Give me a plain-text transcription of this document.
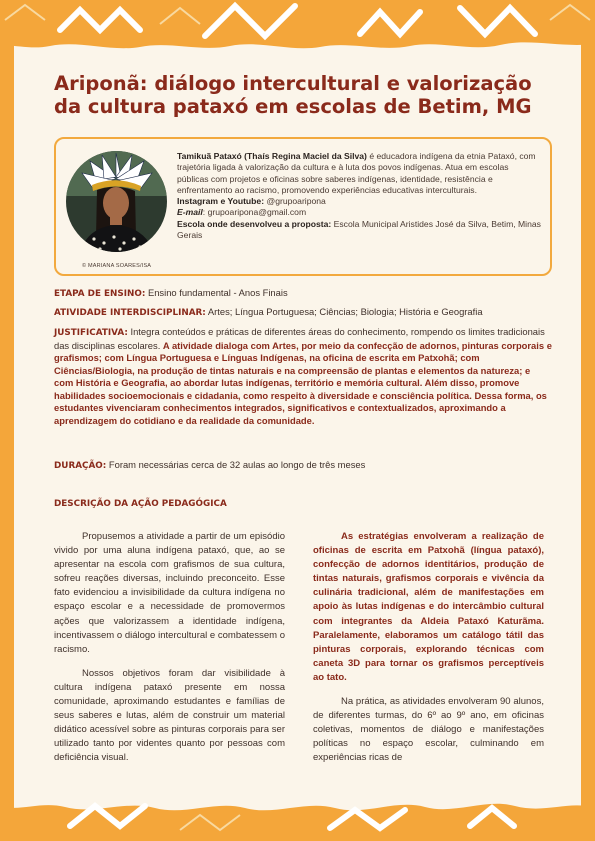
Ariponã: diálogo intercultural e valorização da cultura pataxó em escolas de Betim, MG
© MARIANA SOARES/ISA

Tamikuã Pataxó (Thaís Regina Maciel da Silva) é educadora indígena da etnia Pataxó, com trajetória ligada à valorização da cultura e à luta dos povos indígenas. Atua em escolas públicas com projetos e oficinas sobre saberes indígenas, identidade, resistência e enfrentamento ao racismo, promovendo experiências educativas interculturais.

Instagram e Youtube: @grupoaripona

E-mail: grupoaripona@gmail.com

Escola onde desenvolveu a proposta: Escola Municipal Aristides José da Silva, Betim, Minas Gerais

ETAPA DE ENSINO: Ensino fundamental - Anos Finais
ATIVIDADE INTERDISCIPLINAR: Artes; Língua Portuguesa; Ciências; Biologia; História e Geografia
JUSTIFICATIVA: Integra conteúdos e práticas de diferentes áreas do conhecimento, rompendo os limites tradicionais das disciplinas escolares. A atividade dialoga com Artes, por meio da confecção de adornos, pinturas corporais e grafismos; com Língua Portuguesa e Línguas Indígenas, na oficina de escrita em Patxohã; com Ciências/Biologia, na produção de tintas naturais e na compreensão de plantas e elementos da natureza; e com História e Geografia, ao abordar lutas indígenas, território e memória cultural. Além disso, promove habilidades socioemocionais e cidadania, como respeito à diversidade e consciência política. Dessa forma, os estudantes vivenciaram conhecimentos integrados, significativos e contextualizados, aproximando a aprendizagem do cotidiano e da realidade da comunidade.
DURAÇÃO: Foram necessárias cerca de 32 aulas ao longo de três meses
DESCRIÇÃO DA AÇÃO PEDAGÓGICA

Propusemos a atividade a partir de um episódio vivido por uma aluna indígena pataxó, que, ao se apresentar na escola com grafismos de sua cultura, sofreu reações diversas, incluindo preconceito. Esse fato evidenciou a invisibilidade da cultura indígena no espaço escolar e a necessidade de promovermos ações que valorizassem a identidade indígena, incentivassem o diálogo intercultural e combatessem o racismo.

Nossos objetivos foram dar visibilidade à cultura indígena pataxó presente em nossa comunidade, aproximando estudantes e famílias de seus saberes e lutas, além de construir um material didático acessível sobre as pinturas corporais para ser utilizado tanto por videntes quanto por pessoas com deficiência visual.

As estratégias envolveram a realização de oficinas de escrita em Patxohã (língua pataxó), confecção de adornos identitários, produção de tintas naturais, grafismos corporais e vivência da culinária tradicional, além de manifestações em apoio às lutas indígenas e do intercâmbio cultural com integrantes da Aldeia Pataxó Katurãma. Paralelamente, elaboramos um catálogo tátil das pinturas corporais, explorando técnicas com caneta 3D para tornar os grafismos perceptíveis ao tato.

Na prática, as atividades envolveram 90 alunos, de diferentes turmas, do 6º ao 9º ano, em oficinas coletivas, momentos de diálogo e manifestações políticas no espaço escolar, culminando em experiências ricas de
